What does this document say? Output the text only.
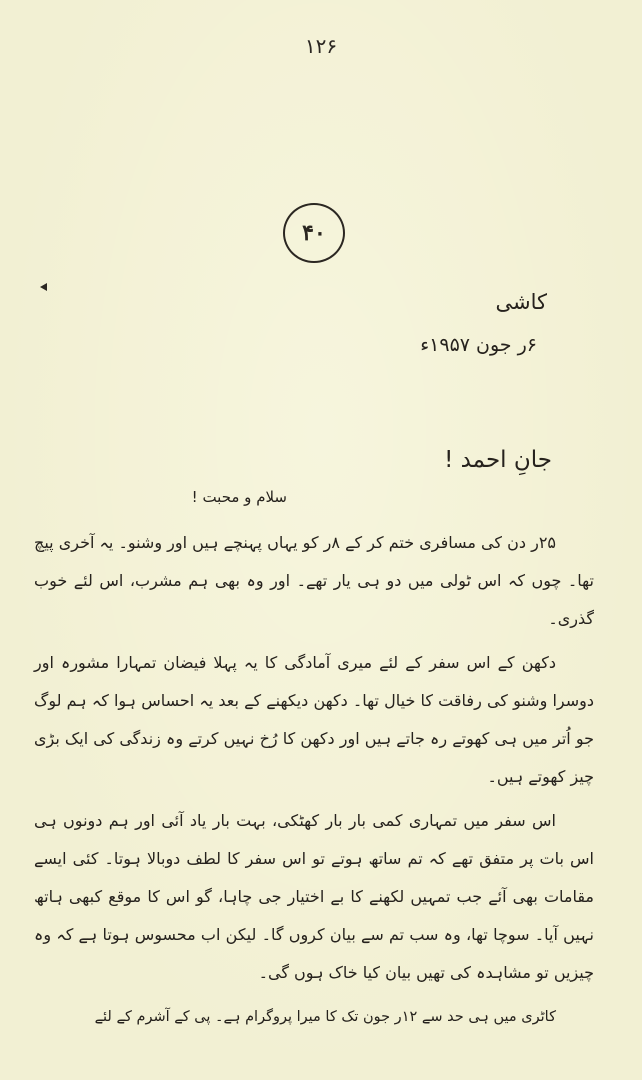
۱۲۶
۴۰
کاشی
۶ر جون ۱۹۵۷ء
جانِ احمد !
سلام و محبت !

۲۵ر دن کی مسافری ختم کر کے ۸ر کو یہاں پہنچے ہیں اور وشنو۔ یہ آخری پیچ تھا۔ چوں کہ اس ٹولی میں دو ہی یار تھے۔ اور وہ بھی ہم مشرب، اس لئے خوب گذری۔

دکھن کے اس سفر کے لئے میری آمادگی کا یہ پہلا فیضان تمہارا مشورہ اور دوسرا وشنو کی رفاقت کا خیال تھا۔ دکھن دیکھنے کے بعد یہ احساس ہوا کہ ہم لوگ جو اُتر میں ہی کھوتے رہ جاتے ہیں اور دکھن کا رُخ نہیں کرتے وہ زندگی کی ایک بڑی چیز کھوتے ہیں۔

اس سفر میں تمہاری کمی بار بار کھٹکی، بہت بار یاد آئی اور ہم دونوں ہی اس بات پر متفق تھے کہ تم ساتھ ہوتے تو اس سفر کا لطف دوبالا ہوتا۔ کئی ایسے مقامات بھی آئے جب تمہیں لکھنے کا بے اختیار جی چاہا، گو اس کا موقع کبھی ہاتھ نہیں آیا۔ سوچا تھا، وہ سب تم سے بیان کروں گا۔ لیکن اب محسوس ہوتا ہے کہ وہ چیزیں تو مشاہدہ کی تھیں بیان کیا خاک ہوں گی۔

کاٹری میں ہی حد سے ۱۲ر جون تک کا میرا پروگرام ہے۔ پی کے آشرم کے لئے
